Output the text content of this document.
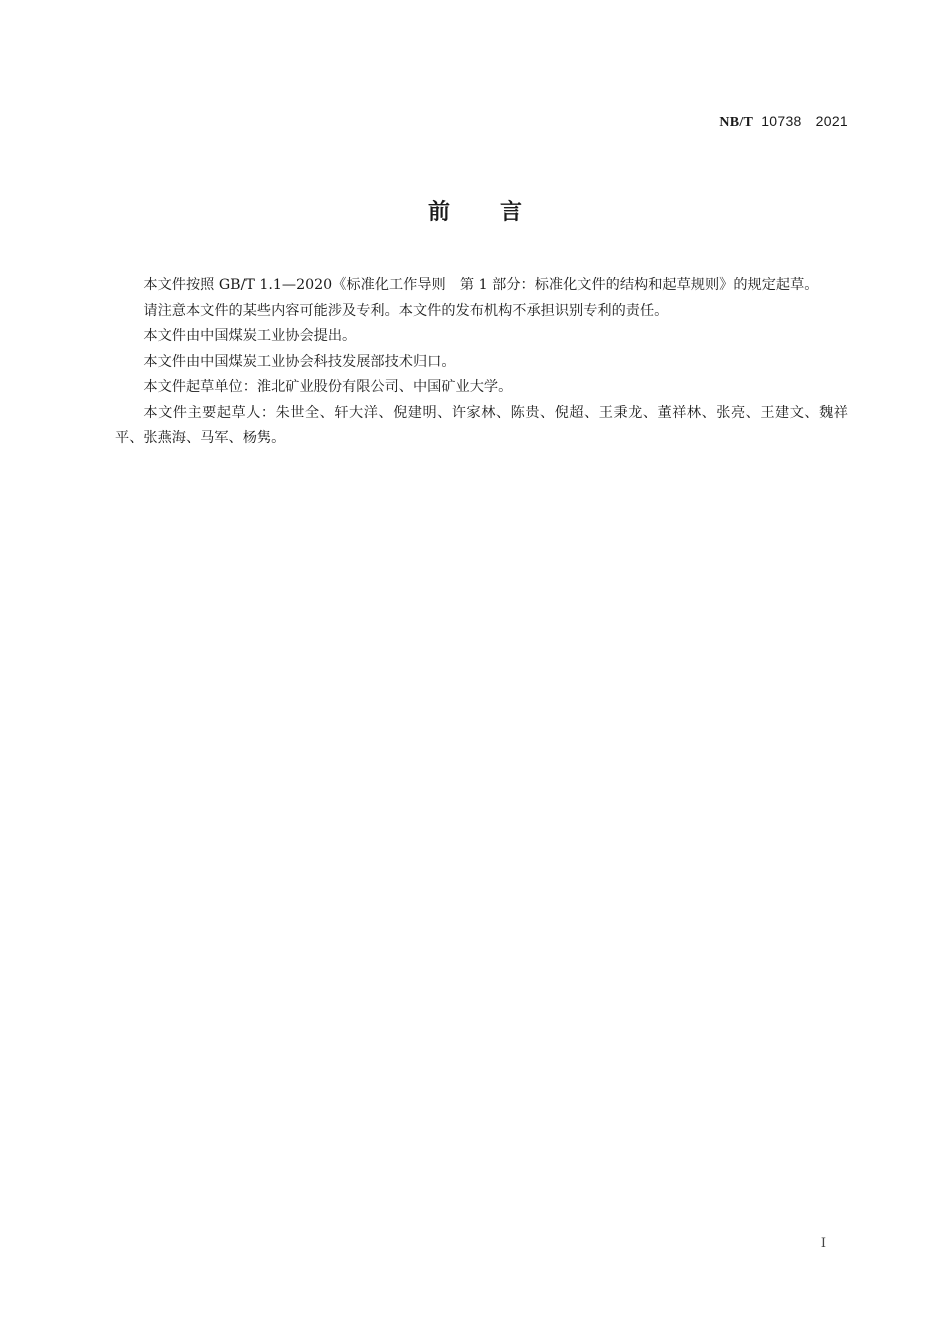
NB/T 10738 2021
前 言

本文件按照 GB/T 1.1—2020《标准化工作导则　第 1 部分：标准化文件的结构和起草规则》的规定起草。

请注意本文件的某些内容可能涉及专利。本文件的发布机构不承担识别专利的责任。

本文件由中国煤炭工业协会提出。

本文件由中国煤炭工业协会科技发展部技术归口。

本文件起草单位：淮北矿业股份有限公司、中国矿业大学。

本文件主要起草人：朱世全、轩大洋、倪建明、许家林、陈贵、倪超、王秉龙、董祥林、张亮、王建文、魏祥平、张燕海、马军、杨隽。

I
